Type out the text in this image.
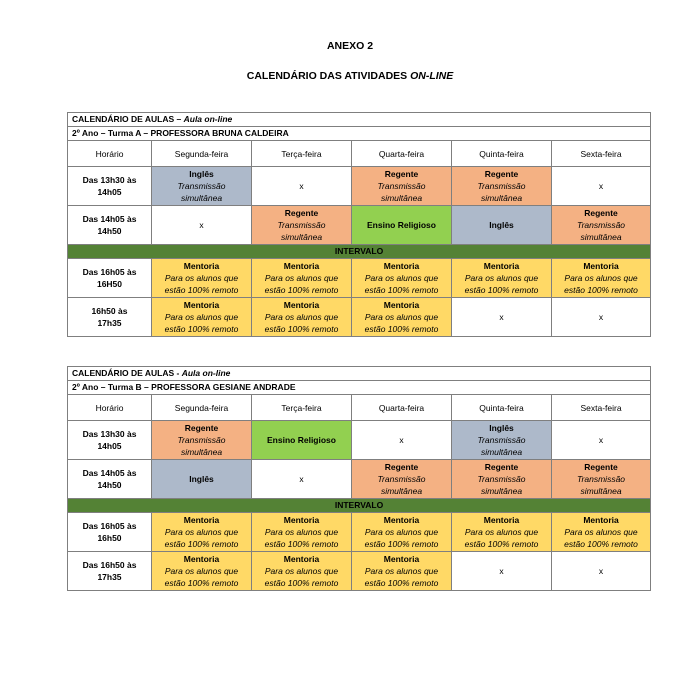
ANEXO 2
CALENDÁRIO DAS ATIVIDADES ON-LINE
CALENDÁRIO DE AULAS – Aula on-line					
2º Ano – Turma A – PROFESSORA BRUNA CALDEIRA					
Horário	Segunda-feira	Terça-feira	Quarta-feira	Quinta-feira	Sexta-feira

Das 13h30 às
14h05	Inglês
Transmissão
simultânea	x	Regente
Transmissão
simultânea	Regente
Transmissão
simultânea	x

Das 14h05 às
14h50	x	Regente
Transmissão
simultânea	Ensino Religioso	Inglês	Regente
Transmissão
simultânea

INTERVALO					

Das 16h05 às
16H50	Mentoria
Para os alunos que
estão 100% remoto	Mentoria
Para os alunos que
estão 100% remoto	Mentoria
Para os alunos que
estão 100% remoto	Mentoria
Para os alunos que
estão 100% remoto	Mentoria
Para os alunos que
estão 100% remoto

16h50 às
17h35	Mentoria
Para os alunos que
estão 100% remoto	Mentoria
Para os alunos que
estão 100% remoto	Mentoria
Para os alunos que
estão 100% remoto	x	x
CALENDÁRIO DE AULAS - Aula on-line					
2º Ano – Turma B – PROFESSORA GESIANE ANDRADE					
Horário	Segunda-feira	Terça-feira	Quarta-feira	Quinta-feira	Sexta-feira

Das 13h30 às
14h05	Regente
Transmissão
simultânea	Ensino Religioso	x	Inglês
Transmissão
simultânea	x

Das 14h05 às
14h50	Inglês	x	Regente
Transmissão
simultânea	Regente
Transmissão
simultânea	Regente
Transmissão
simultânea

INTERVALO					

Das 16h05 às
16h50	Mentoria
Para os alunos que
estão 100% remoto	Mentoria
Para os alunos que
estão 100% remoto	Mentoria
Para os alunos que
estão 100% remoto	Mentoria
Para os alunos que
estão 100% remoto	Mentoria
Para os alunos que
estão 100% remoto

Das 16h50 às
17h35	Mentoria
Para os alunos que
estão 100% remoto	Mentoria
Para os alunos que
estão 100% remoto	Mentoria
Para os alunos que
estão 100% remoto	x	x
